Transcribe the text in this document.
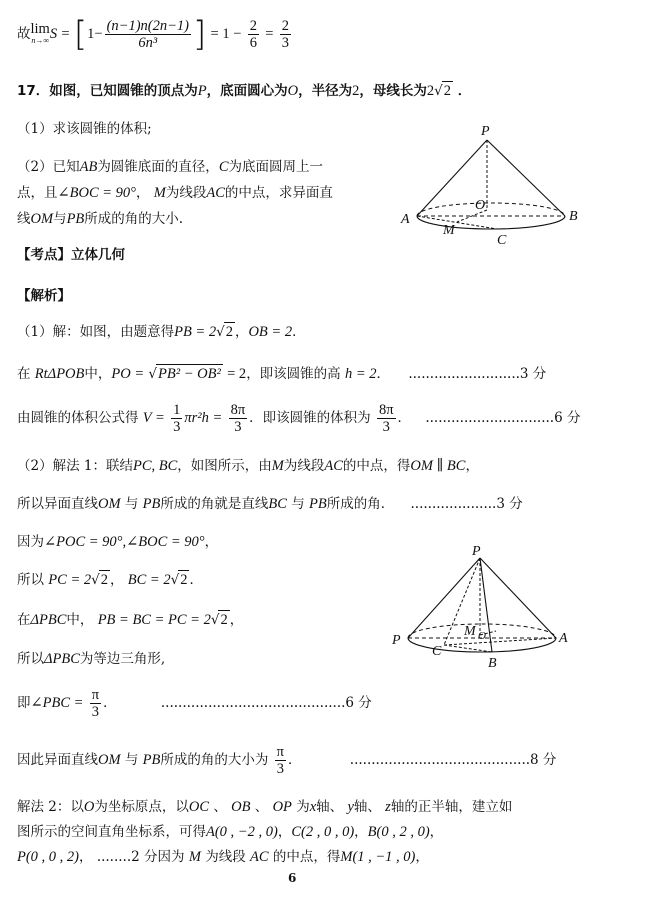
故lim
n→∞ $S = [1- \frac{(n-1)n(2n-1)}{\text{6n³}}$ ] = $1 - \frac{2}{6} = \frac{2}{3}$
17．如图，已知圆锥的顶点为P，底面圆心为O，半径为2，母线长为2√2 ．
（1）求该圆锥的体积;
（2）已知AB为圆锥底面的直径，C为底面圆周上一
点，且∠BOC = 90°， M为线段AC的中点，求异面直
线OM与PB所成的角的大小.
P
O
A	B
M
C
【考点】立体几何
【解析】
（1）解：如图，由题意得PB = 2√2 ，OB = 2．
在 RtΔPOB中，PO = √PB² − OB² = 2，即该圆锥的高 h = 2． ..........................3 分
由圆锥的体积公式得 $V = \frac{1}{3} \pi r^2h = \frac{8\pi}{3}$ ．即该圆锥的体积为 $\frac{8\pi}{3}$ ． ..............................6 分
（2）解法 1：联结PC, BC，如图所示，由M为线段AC的中点，得OM ∥ BC，
所以异面直线OM 与 PB所成的角就是直线BC 与 PB所成的角． ....................3 分
因为∠POC = 90°,∠BOC = 90°，
所以 PC = 2√2 ， BC = 2√2 ．
在ΔPBC中， PB = BC = PC = 2√2 ，
所以ΔPBC为等边三角形,
即∠PBC = $\frac{\pi}{3}$ ．	...........................................6 分
P
M O
P	A
C
B
因此异面直线OM 与 PB所成的角的大小为 $\frac{\pi}{3}$ ．	..........................................8 分
解法 2：以O为坐标原点，以OC 、 OB 、 OP 为x轴、 y轴、 z轴的正半轴，建立如
图所示的空间直角坐标系，可得A(0 , −2 , 0)，C(2 , 0 , 0)，B(0 , 2 , 0)，
P(0 , 0 , 2)， ........2 分因为 M 为线段 AC 的中点，得M(1 , −1 , 0)，
6
